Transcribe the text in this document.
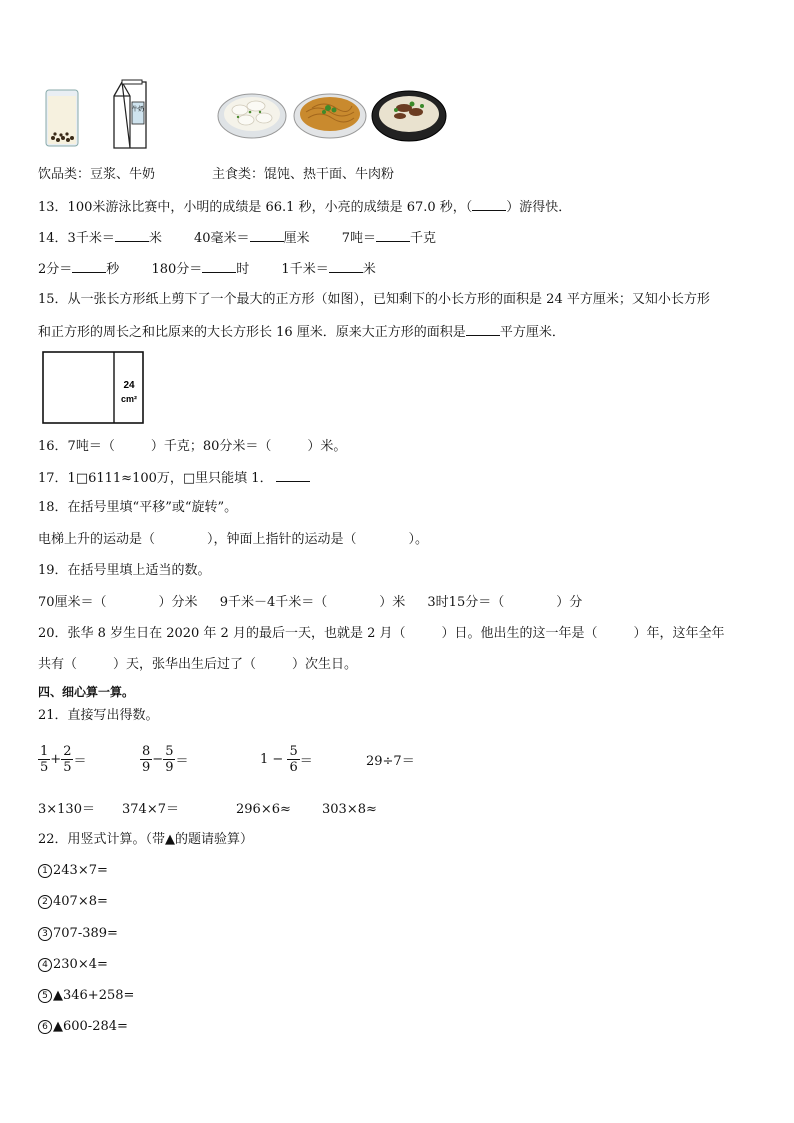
牛奶
饮品类：豆浆、牛奶	主食类：馄饨、热干面、牛肉粉
13．100米游泳比赛中，小明的成绩是 66.1 秒，小亮的成绩是 67.0 秒，（	）游得快．
14．3千米＝	米 40毫米＝	厘米 7吨＝	千克
2分＝	秒 180分＝	时 1千米＝	米
15．从一张长方形纸上剪下了一个最大的正方形（如图），已知剩下的小长方形的面积是 24 平方厘米；又知小长方形
和正方形的周长之和比原来的大长方形长 16 厘米．原来大正方形的面积是	平方厘米．
24
cm²
16．7吨＝（	）千克；80分米＝（	）米。
17．1□6111≈100万，□里只能填 1．
18．在括号里填“平移”或“旋转”。
电梯上升的运动是（	），钟面上指针的运动是（	）。
19．在括号里填上适当的数。
70厘米＝（	）分米 9千米－4千米＝（	）米 3时15分＝（	）分
20．张华 8 岁生日在 2020 年 2 月的最后一天，也就是 2 月（	）日。他出生的这一年是（	）年，这年全年
共有（	）天，张华出生后过了（	）次生日。
四、细心算一算。
21．直接写出得数。
$\frac{1}{5} + \frac{2}{5}$ ＝	$\frac{8}{9} - \frac{5}{9}$ ＝	$1 - \frac{5}{6}$ ＝	29÷7＝
3×130＝ 374×7＝	296×6≈ 303×8≈
22．用竖式计算。（带▲的题请验算）
1 243×7=
2 407×8=
3 707-389=
4 230×4=
5 ▲346+258=
6 ▲600-284=
